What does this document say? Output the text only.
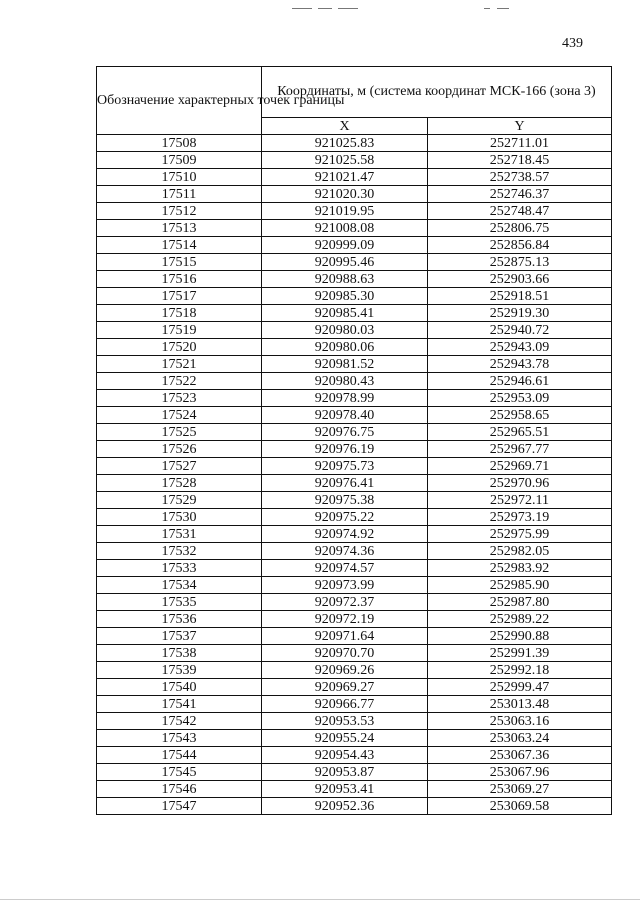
439
Обозначение характерных точек границы	Координаты, м (система координат МСК-166 (зона 3)	
	X	Y
17508	921025.83	252711.01
17509	921025.58	252718.45
17510	921021.47	252738.57
17511	921020.30	252746.37
17512	921019.95	252748.47
17513	921008.08	252806.75
17514	920999.09	252856.84
17515	920995.46	252875.13
17516	920988.63	252903.66
17517	920985.30	252918.51
17518	920985.41	252919.30
17519	920980.03	252940.72
17520	920980.06	252943.09
17521	920981.52	252943.78
17522	920980.43	252946.61
17523	920978.99	252953.09
17524	920978.40	252958.65
17525	920976.75	252965.51
17526	920976.19	252967.77
17527	920975.73	252969.71
17528	920976.41	252970.96
17529	920975.38	252972.11
17530	920975.22	252973.19
17531	920974.92	252975.99
17532	920974.36	252982.05
17533	920974.57	252983.92
17534	920973.99	252985.90
17535	920972.37	252987.80
17536	920972.19	252989.22
17537	920971.64	252990.88
17538	920970.70	252991.39
17539	920969.26	252992.18
17540	920969.27	252999.47
17541	920966.77	253013.48
17542	920953.53	253063.16
17543	920955.24	253063.24
17544	920954.43	253067.36
17545	920953.87	253067.96
17546	920953.41	253069.27
17547	920952.36	253069.58
